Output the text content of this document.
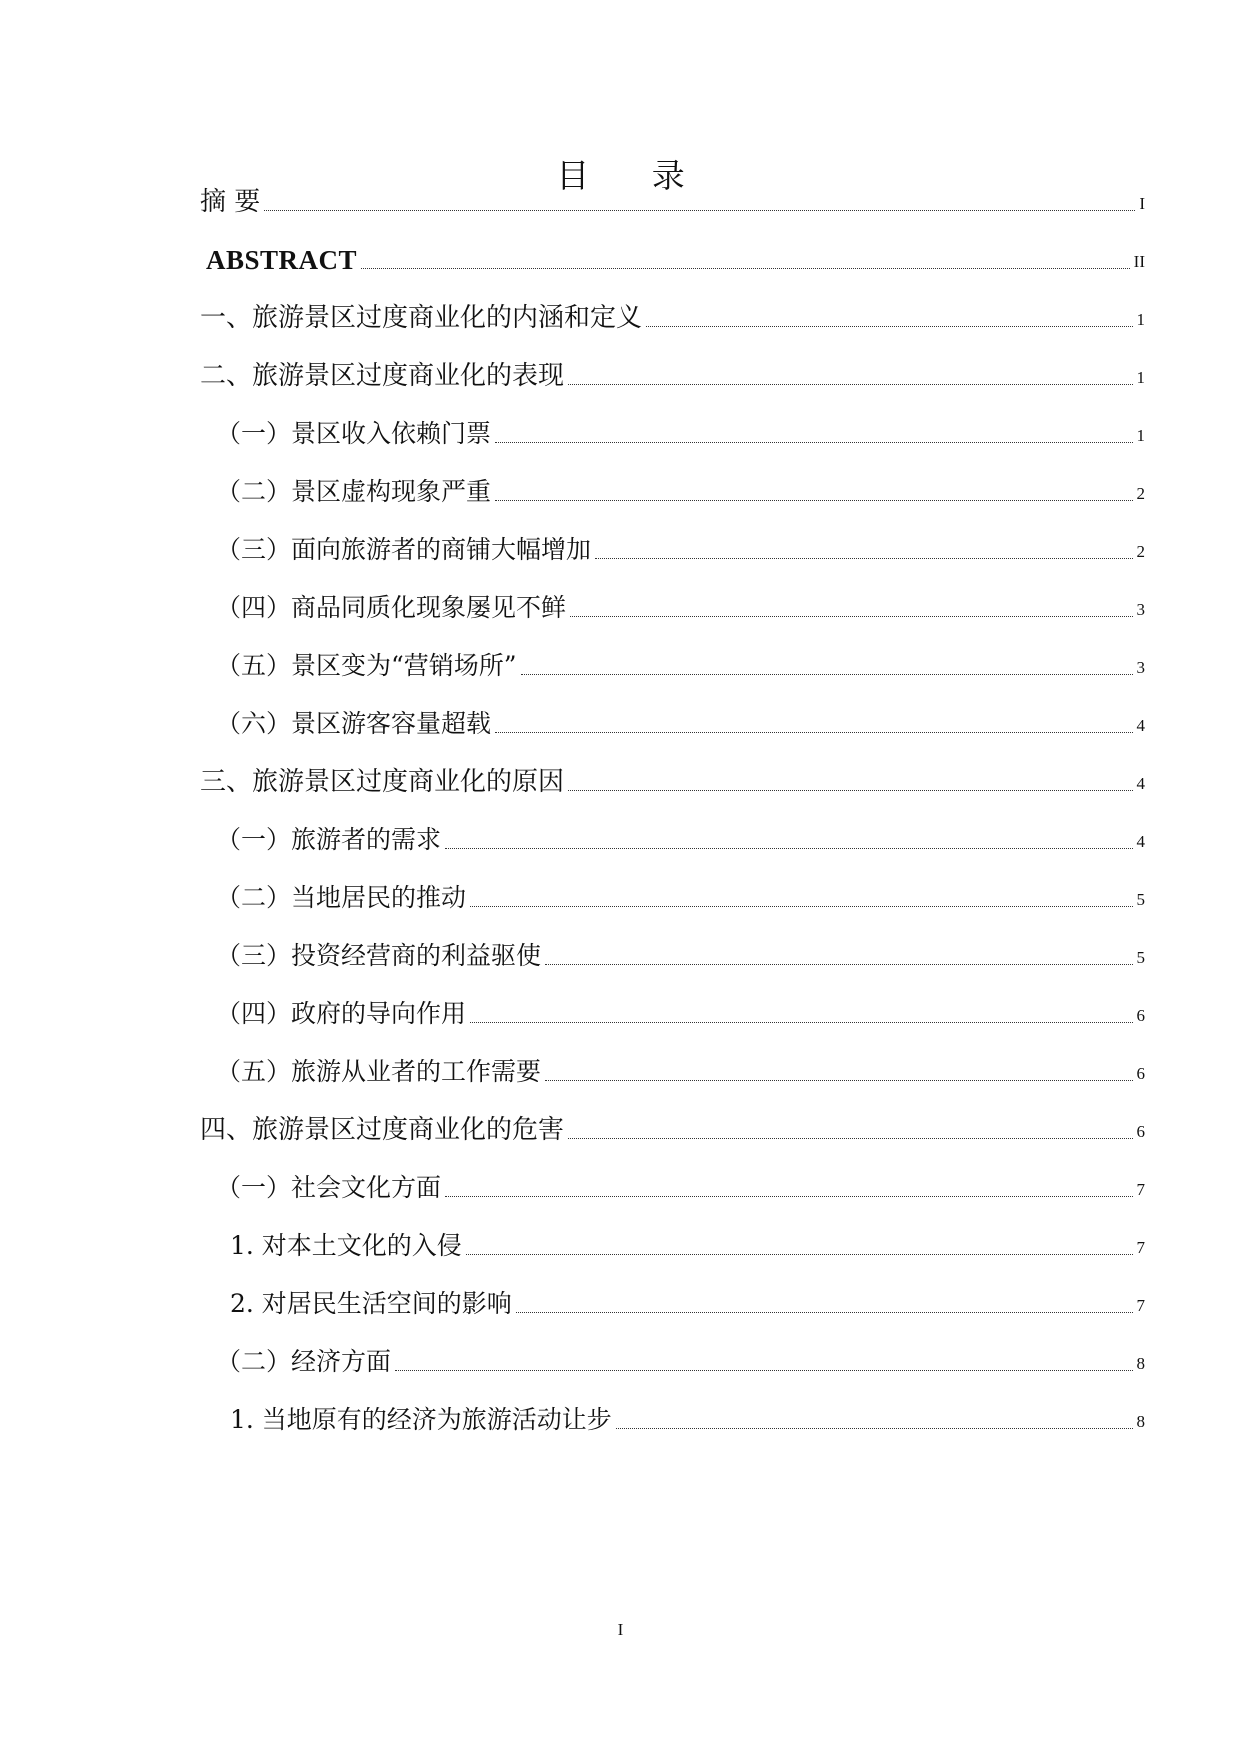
目 录
摘 要	I
ABSTRACT	II
一、旅游景区过度商业化的内涵和定义	1
二、旅游景区过度商业化的表现	1
（一）景区收入依赖门票	1
（二）景区虚构现象严重	2
（三）面向旅游者的商铺大幅增加	2
（四）商品同质化现象屡见不鲜	3
（五）景区变为“营销场所”	3
（六）景区游客容量超载	4
三、旅游景区过度商业化的原因	4
（一）旅游者的需求	4
（二）当地居民的推动	5
（三）投资经营商的利益驱使	5
（四）政府的导向作用	6
（五）旅游从业者的工作需要	6
四、旅游景区过度商业化的危害	6
（一）社会文化方面	7
1. 对本土文化的入侵	7
2. 对居民生活空间的影响	7
（二）经济方面	8
1. 当地原有的经济为旅游活动让步	8
I
